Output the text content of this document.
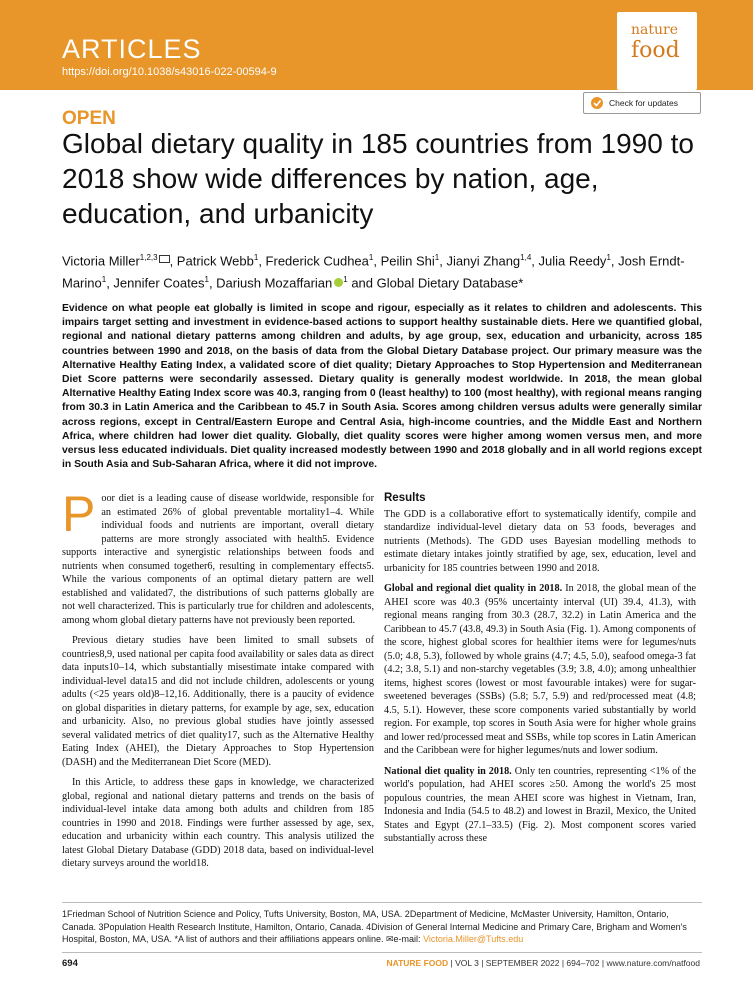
ARTICLES
https://doi.org/10.1038/s43016-022-00594-9
nature
food
Check for updates
OPEN
Global dietary quality in 185 countries from 1990 to 2018 show wide differences by nation, age, education, and urbanicity
Victoria Miller$^{1,2,3}$ , Patrick Webb$^1$, Frederick Cudhea$^1$, Peilin Shi$^1$, Jianyi Zhang$^{1,4}$, Julia Reedy$^1$, Josh Erndt-Marino$^1$, Jennifer Coates$^1$, Dariush Mozaffarian $^1$ and Global Dietary Database*

Evidence on what people eat globally is limited in scope and rigour, especially as it relates to children and adolescents. This impairs target setting and investment in evidence-based actions to support healthy sustainable diets. Here we quantified global, regional and national dietary patterns among children and adults, by age group, sex, education and urbanicity, across 185 countries between 1990 and 2018, on the basis of data from the Global Dietary Database project. Our primary measure was the Alternative Healthy Eating Index, a validated score of diet quality; Dietary Approaches to Stop Hypertension and Mediterranean Diet Score patterns were secondarily assessed. Dietary quality is generally modest worldwide. In 2018, the mean global Alternative Healthy Eating Index score was 40.3, ranging from 0 (least healthy) to 100 (most healthy), with regional means ranging from 30.3 in Latin America and the Caribbean to 45.7 in South Asia. Scores among children versus adults were generally similar across regions, except in Central/Eastern Europe and Central Asia, high-income countries, and the Middle East and Northern Africa, where children had lower diet quality. Globally, diet quality scores were higher among women versus men, and more versus less educated individuals. Diet quality increased modestly between 1990 and 2018 globally and in all world regions except in South Asia and Sub-Saharan Africa, where it did not improve.

Poor diet is a leading cause of disease worldwide, responsible for an estimated 26% of global preventable mortality1–4. While individual foods and nutrients are important, overall dietary patterns are more strongly associated with health5. Evidence supports interactive and synergistic relationships between foods and nutrients when consumed together6, resulting in complementary effects5. While the various components of an optimal dietary pattern are well established and validated7, the distributions of such patterns globally are not well characterized. This is particularly true for children and adolescents, among whom global dietary patterns have not previously been reported.

Previous dietary studies have been limited to small subsets of countries8,9, used national per capita food availability or sales data as direct data inputs10–14, which substantially misestimate intake compared with individual-level data15 and did not include children, adolescents or young adults (<25 years old)8–12,16. Additionally, there is a paucity of evidence on global disparities in dietary patterns, for example by age, sex, education and urbanicity. Also, no previous global studies have jointly assessed several validated metrics of diet quality17, such as the Alternative Healthy Eating Index (AHEI), the Dietary Approaches to Stop Hypertension (DASH) and the Mediterranean Diet Score (MED).

In this Article, to address these gaps in knowledge, we characterized global, regional and national dietary patterns and trends on the basis of individual-level intake data among both adults and children from 185 countries in 1990 and 2018. Findings were further assessed by age, sex, education and urbanicity within each country. This analysis utilized the latest Global Dietary Database (GDD) 2018 data, based on individual-level dietary surveys around the world18.

Results

The GDD is a collaborative effort to systematically identify, compile and standardize individual-level dietary data on 53 foods, beverages and nutrients (Methods). The GDD uses Bayesian modelling methods to estimate dietary intakes jointly stratified by age, sex, education, level and urbanicity for 185 countries between 1990 and 2018.

Global and regional diet quality in 2018. In 2018, the global mean of the AHEI score was 40.3 (95% uncertainty interval (UI) 39.4, 41.3), with regional means ranging from 30.3 (28.7, 32.2) in Latin America and the Caribbean to 45.7 (43.8, 49.3) in South Asia (Fig. 1). Among components of the score, highest global scores for healthier items were for legumes/nuts (5.0; 4.8, 5.3), followed by whole grains (4.7; 4.5, 5.0), seafood omega-3 fat (4.2; 3.8, 5.1) and non-starchy vegetables (3.9; 3.8, 4.0); among unhealthier items, highest scores (lowest or most favourable intakes) were for sugar-sweetened beverages (SSBs) (5.8; 5.7, 5.9) and red/processed meat (4.8; 4.5, 5.1). However, these score components varied substantially by world region. For example, top scores in South Asia were for higher whole grains and lower red/processed meat and SSBs, while top scores in Latin American and the Caribbean were for higher legumes/nuts and lower sodium.

National diet quality in 2018. Only ten countries, representing <1% of the world's population, had AHEI scores ≥50. Among the world's 25 most populous countries, the mean AHEI score was highest in Vietnam, Iran, Indonesia and India (54.5 to 48.2) and lowest in Brazil, Mexico, the United States and Egypt (27.1–33.5) (Fig. 2). Most component scores varied substantially across these

1Friedman School of Nutrition Science and Policy, Tufts University, Boston, MA, USA. 2Department of Medicine, McMaster University, Hamilton, Ontario, Canada. 3Population Health Research Institute, Hamilton, Ontario, Canada. 4Division of General Internal Medicine and Primary Care, Brigham and Women's Hospital, Boston, MA, USA. *A list of authors and their affiliations appears online. ✉e-mail: Victoria.Miller@Tufts.edu

694	NATURE FOOD | VOL 3 | SEPTEMBER 2022 | 694–702 | www.nature.com/natfood
